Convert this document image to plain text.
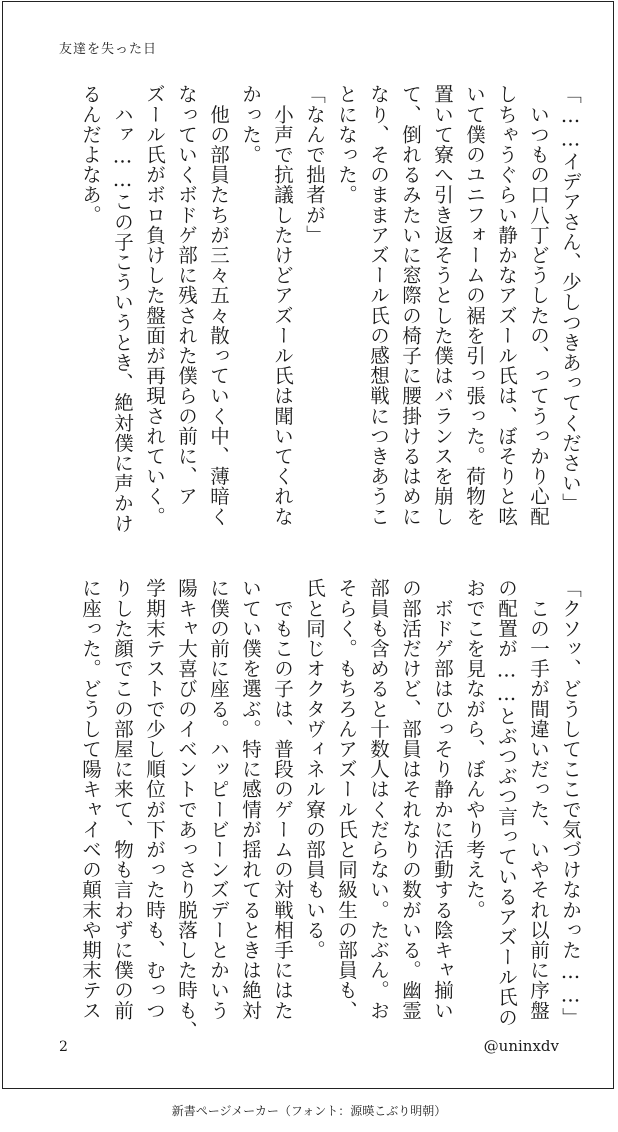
友達を失った日
「……イデアさん、少しつきあってください」
　いつもの口八丁どうしたの、ってうっかり心配
しちゃうぐらい静かなアズール氏は、ぼそりと呟
いて僕のユニフォームの裾を引っ張った。荷物を
置いて寮へ引き返そうとした僕はバランスを崩し
て、倒れるみたいに窓際の椅子に腰掛けるはめに
なり、そのままアズール氏の感想戦につきあうこ
とになった。
「なんで拙者が」
　小声で抗議したけどアズール氏は聞いてくれな
かった。
　他の部員たちが三々五々散っていく中、薄暗く
なっていくボドゲ部に残された僕らの前に、ア
ズール氏がボロ負けした盤面が再現されていく。
　ハァ……この子こういうとき、絶対僕に声かけ
るんだよなあ。
「クソッ、どうしてここで気づけなかった……」
　この一手が間違いだった、いやそれ以前に序盤
の配置が……とぶつぶつ言っているアズール氏の
おでこを見ながら、ぼんやり考えた。
　ボドゲ部はひっそり静かに活動する陰キャ揃い
の部活だけど、部員はそれなりの数がいる。幽霊
部員も含めると十数人はくだらない。たぶん。お
そらく。もちろんアズール氏と同級生の部員も、
氏と同じオクタヴィネル寮の部員もいる。
　でもこの子は、普段のゲームの対戦相手にはた
いてい僕を選ぶ。特に感情が揺れてるときは絶対
に僕の前に座る。ハッピービーンズデーとかいう
陽キャ大喜びのイベントであっさり脱落した時も、
学期末テストで少し順位が下がった時も、むっつ
りした顔でこの部屋に来て、物も言わずに僕の前
に座った。どうして陽キャイベの顛末や期末テス
2	@uninxdv
新書ページメーカー（フォント：源暎こぶり明朝）
